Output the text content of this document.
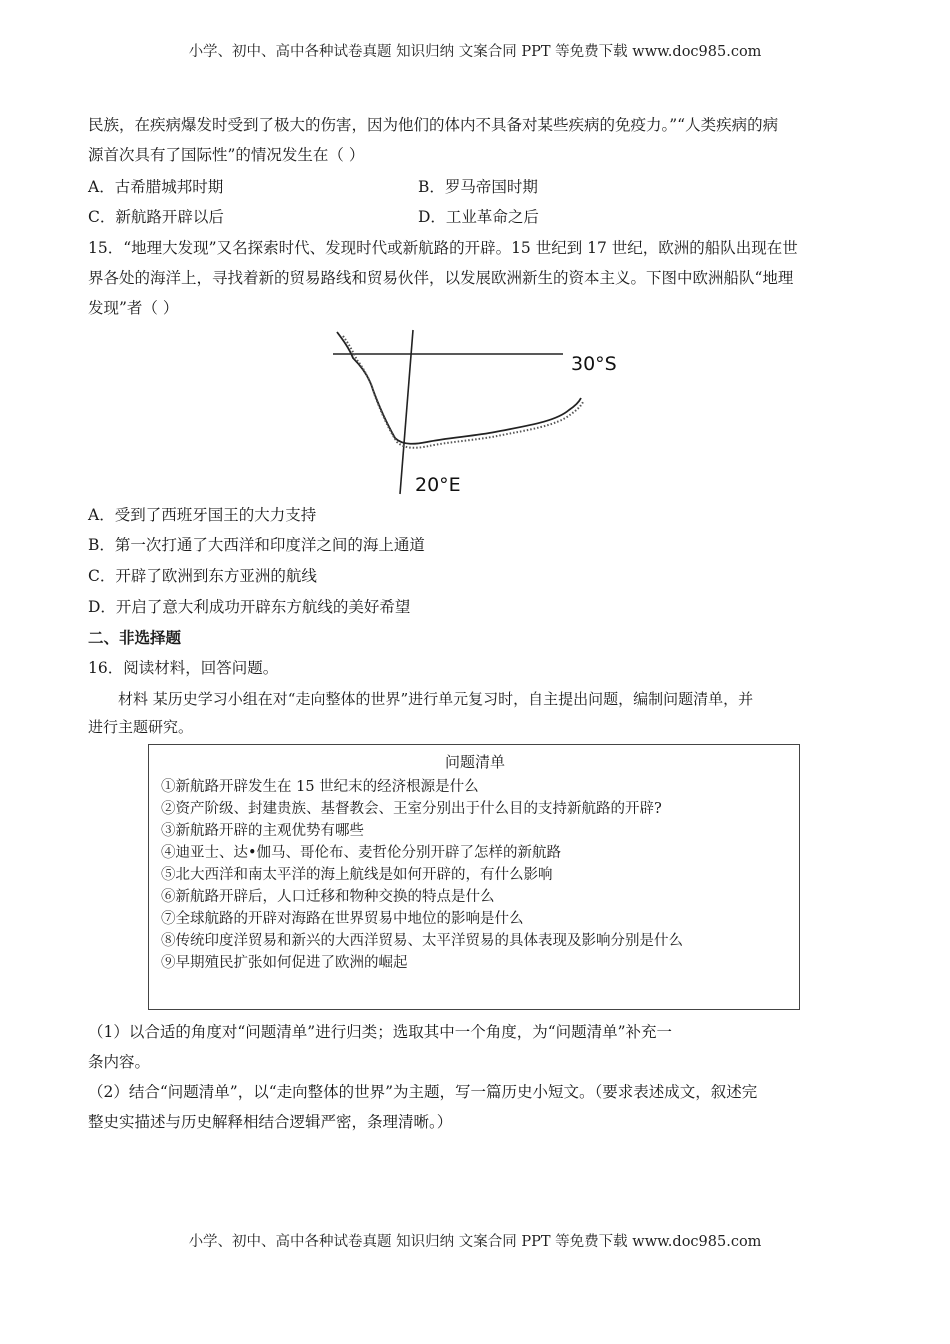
小学、初中、高中各种试卷真题 知识归纳 文案合同 PPT 等免费下载 www.doc985.com
民族，在疾病爆发时受到了极大的伤害，因为他们的体内不具备对某些疾病的免疫力。”“人类疾病的病
源首次具有了国际性”的情况发生在（ ）
A．古希腊城邦时期	B．罗马帝国时期
C．新航路开辟以后	D．工业革命之后
15．“地理大发现”又名探索时代、发现时代或新航路的开辟。15 世纪到 17 世纪，欧洲的船队出现在世
界各处的海洋上，寻找着新的贸易路线和贸易伙伴，以发展欧洲新生的资本主义。下图中欧洲船队“地理
发现”者（ ）
30°S
20°E
A．受到了西班牙国王的大力支持
B．第一次打通了大西洋和印度洋之间的海上通道
C．开辟了欧洲到东方亚洲的航线
D．开启了意大利成功开辟东方航线的美好希望
二、非选择题
16．阅读材料，回答问题。
材料 某历史学习小组在对“走向整体的世界”进行单元复习时，自主提出问题，编制问题清单，并
进行主题研究。
问题清单
①新航路开辟发生在 15 世纪末的经济根源是什么
②资产阶级、封建贵族、基督教会、王室分别出于什么目的支持新航路的开辟?
③新航路开辟的主观优势有哪些
④迪亚士、达•伽马、哥伦布、麦哲伦分别开辟了怎样的新航路
⑤北大西洋和南太平洋的海上航线是如何开辟的，有什么影响
⑥新航路开辟后，人口迁移和物种交换的特点是什么
⑦全球航路的开辟对海路在世界贸易中地位的影响是什么
⑧传统印度洋贸易和新兴的大西洋贸易、太平洋贸易的具体表现及影响分别是什么
⑨早期殖民扩张如何促进了欧洲的崛起
（1）以合适的角度对“问题清单”进行归类；选取其中一个角度，为“问题清单”补充一
条内容。
（2）结合“问题清单”，以“走向整体的世界”为主题，写一篇历史小短文。（要求表述成文，叙述完
整史实描述与历史解释相结合逻辑严密，条理清晰。）
小学、初中、高中各种试卷真题 知识归纳 文案合同 PPT 等免费下载 www.doc985.com
